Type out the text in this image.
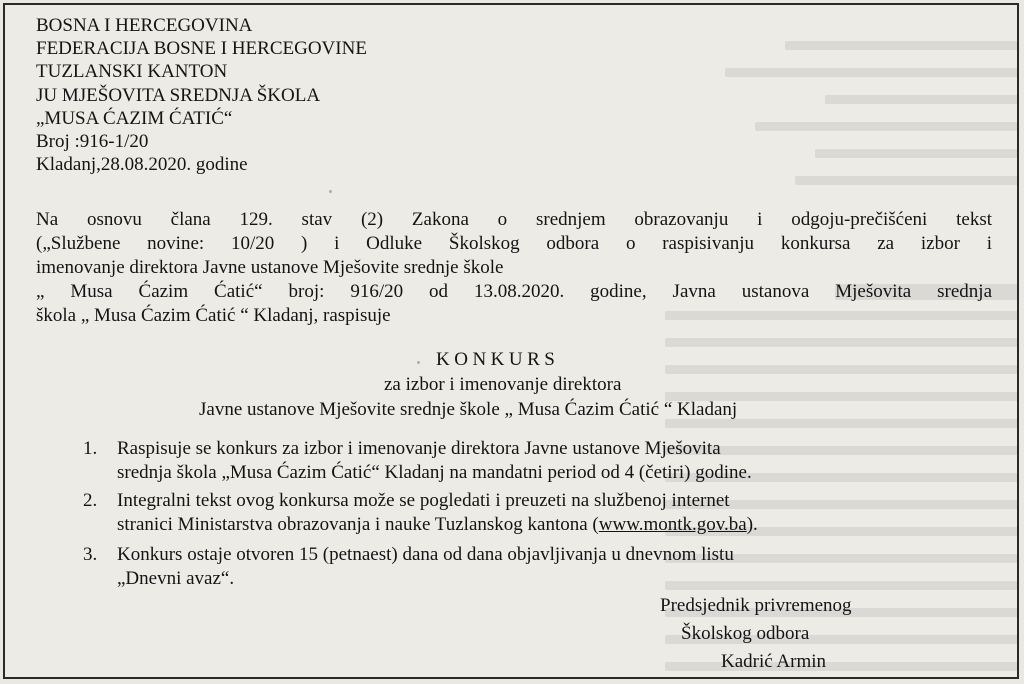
BOSNA I HERCEGOVINA
FEDERACIJA BOSNE I HERCEGOVINE
TUZLANSKI KANTON
JU MJEŠOVITA SREDNJA ŠKOLA
„MUSA ĆAZIM ĆATIĆ“
Broj :916-1/20
Kladanj,28.08.2020. godine
Na osnovu člana 129. stav (2) Zakona o srednjem obrazovanju i odgoju-prečišćeni tekst
(„Službene novine: 10/20 ) i Odluke Školskog odbora o raspisivanju konkursa za izbor i
imenovanje direktora Javne ustanove Mješovite srednje škole
„ Musa Ćazim Ćatić“ broj: 916/20 od 13.08.2020. godine, Javna ustanova Mješovita srednja
škola „ Musa Ćazim Ćatić “ Kladanj, raspisuje
KONKURS
za izbor i imenovanje direktora
Javne ustanove Mješovite srednje škole „ Musa Ćazim Ćatić “ Kladanj
1. Raspisuje se konkurs za izbor i imenovanje direktora Javne ustanove Mješovita
srednja škola „Musa Ćazim Ćatić“ Kladanj na mandatni period od 4 (četiri) godine.
2. Integralni tekst ovog konkursa može se pogledati i preuzeti na službenoj internet
stranici Ministarstva obrazovanja i nauke Tuzlanskog kantona (www.montk.gov.ba).
3. Konkurs ostaje otvoren 15 (petnaest) dana od dana objavljivanja u dnevnom listu
„Dnevni avaz“.
Predsjednik privremenog
Školskog odbora
Kadrić Armin
